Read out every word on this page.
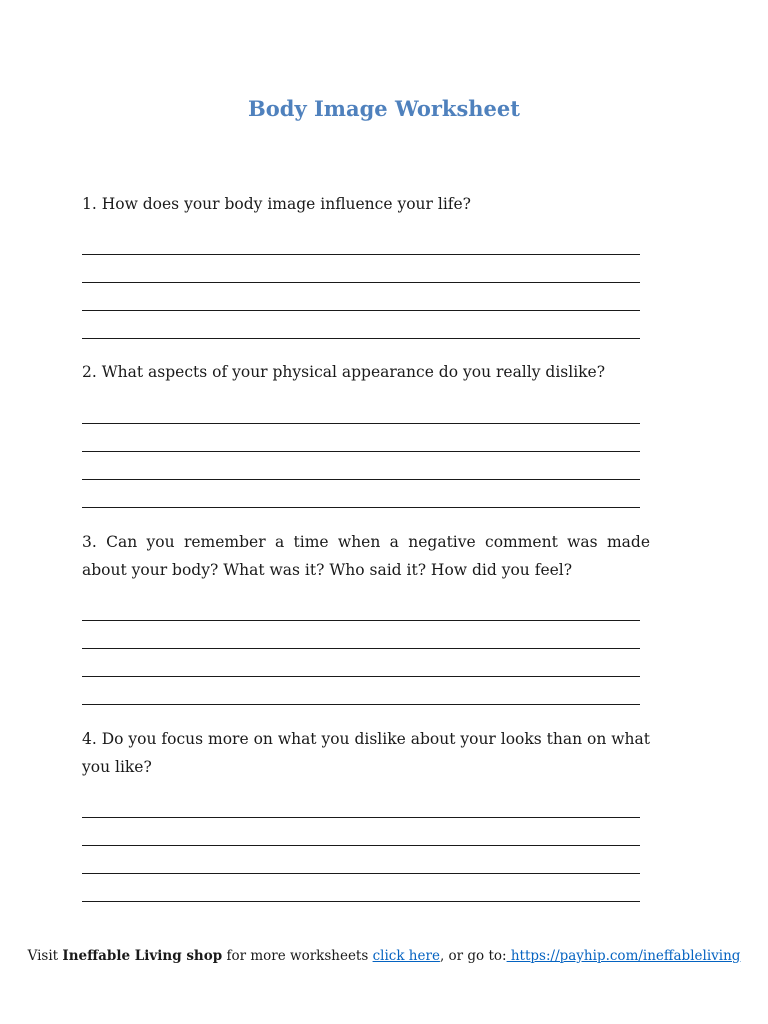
Body Image Worksheet

1. How does your body image influence your life?

2. What aspects of your physical appearance do you really dislike?

3. Can you remember a time when a negative comment was made about your body? What was it? Who said it? How did you feel?

4. Do you focus more on what you dislike about your looks than on what you like?

Visit Ineffable Living shop for more worksheets click here, or go to: https://payhip.com/ineffableliving
